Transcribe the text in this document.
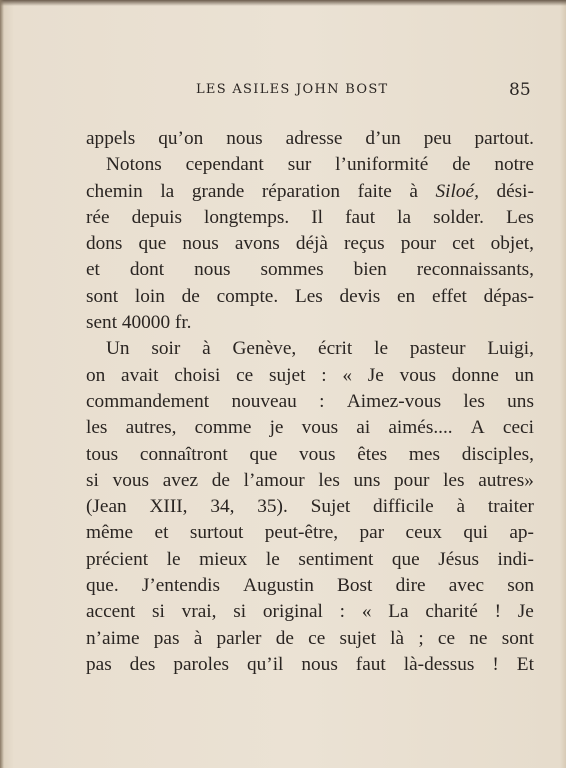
LES ASILES JOHN BOST	85
appels qu’on nous adresse d’un peu partout.
Notons cependant sur l’uniformité de notre
chemin la grande réparation faite à Siloé, dési-
rée depuis longtemps. Il faut la solder. Les
dons que nous avons déjà reçus pour cet objet,
et dont nous sommes bien reconnaissants,
sont loin de compte. Les devis en effet dépas-
sent 40000 fr.
Un soir à Genève, écrit le pasteur Luigi,
on avait choisi ce sujet : « Je vous donne un
commandement nouveau : Aimez-vous les uns
les autres, comme je vous ai aimés.... A ceci
tous connaîtront que vous êtes mes disciples,
si vous avez de l’amour les uns pour les autres»
(Jean XIII, 34, 35). Sujet difficile à traiter
même et surtout peut-être, par ceux qui ap-
précient le mieux le sentiment que Jésus indi-
que. J’entendis Augustin Bost dire avec son
accent si vrai, si original : « La charité ! Je
n’aime pas à parler de ce sujet là ; ce ne sont
pas des paroles qu’il nous faut là-dessus ! Et
